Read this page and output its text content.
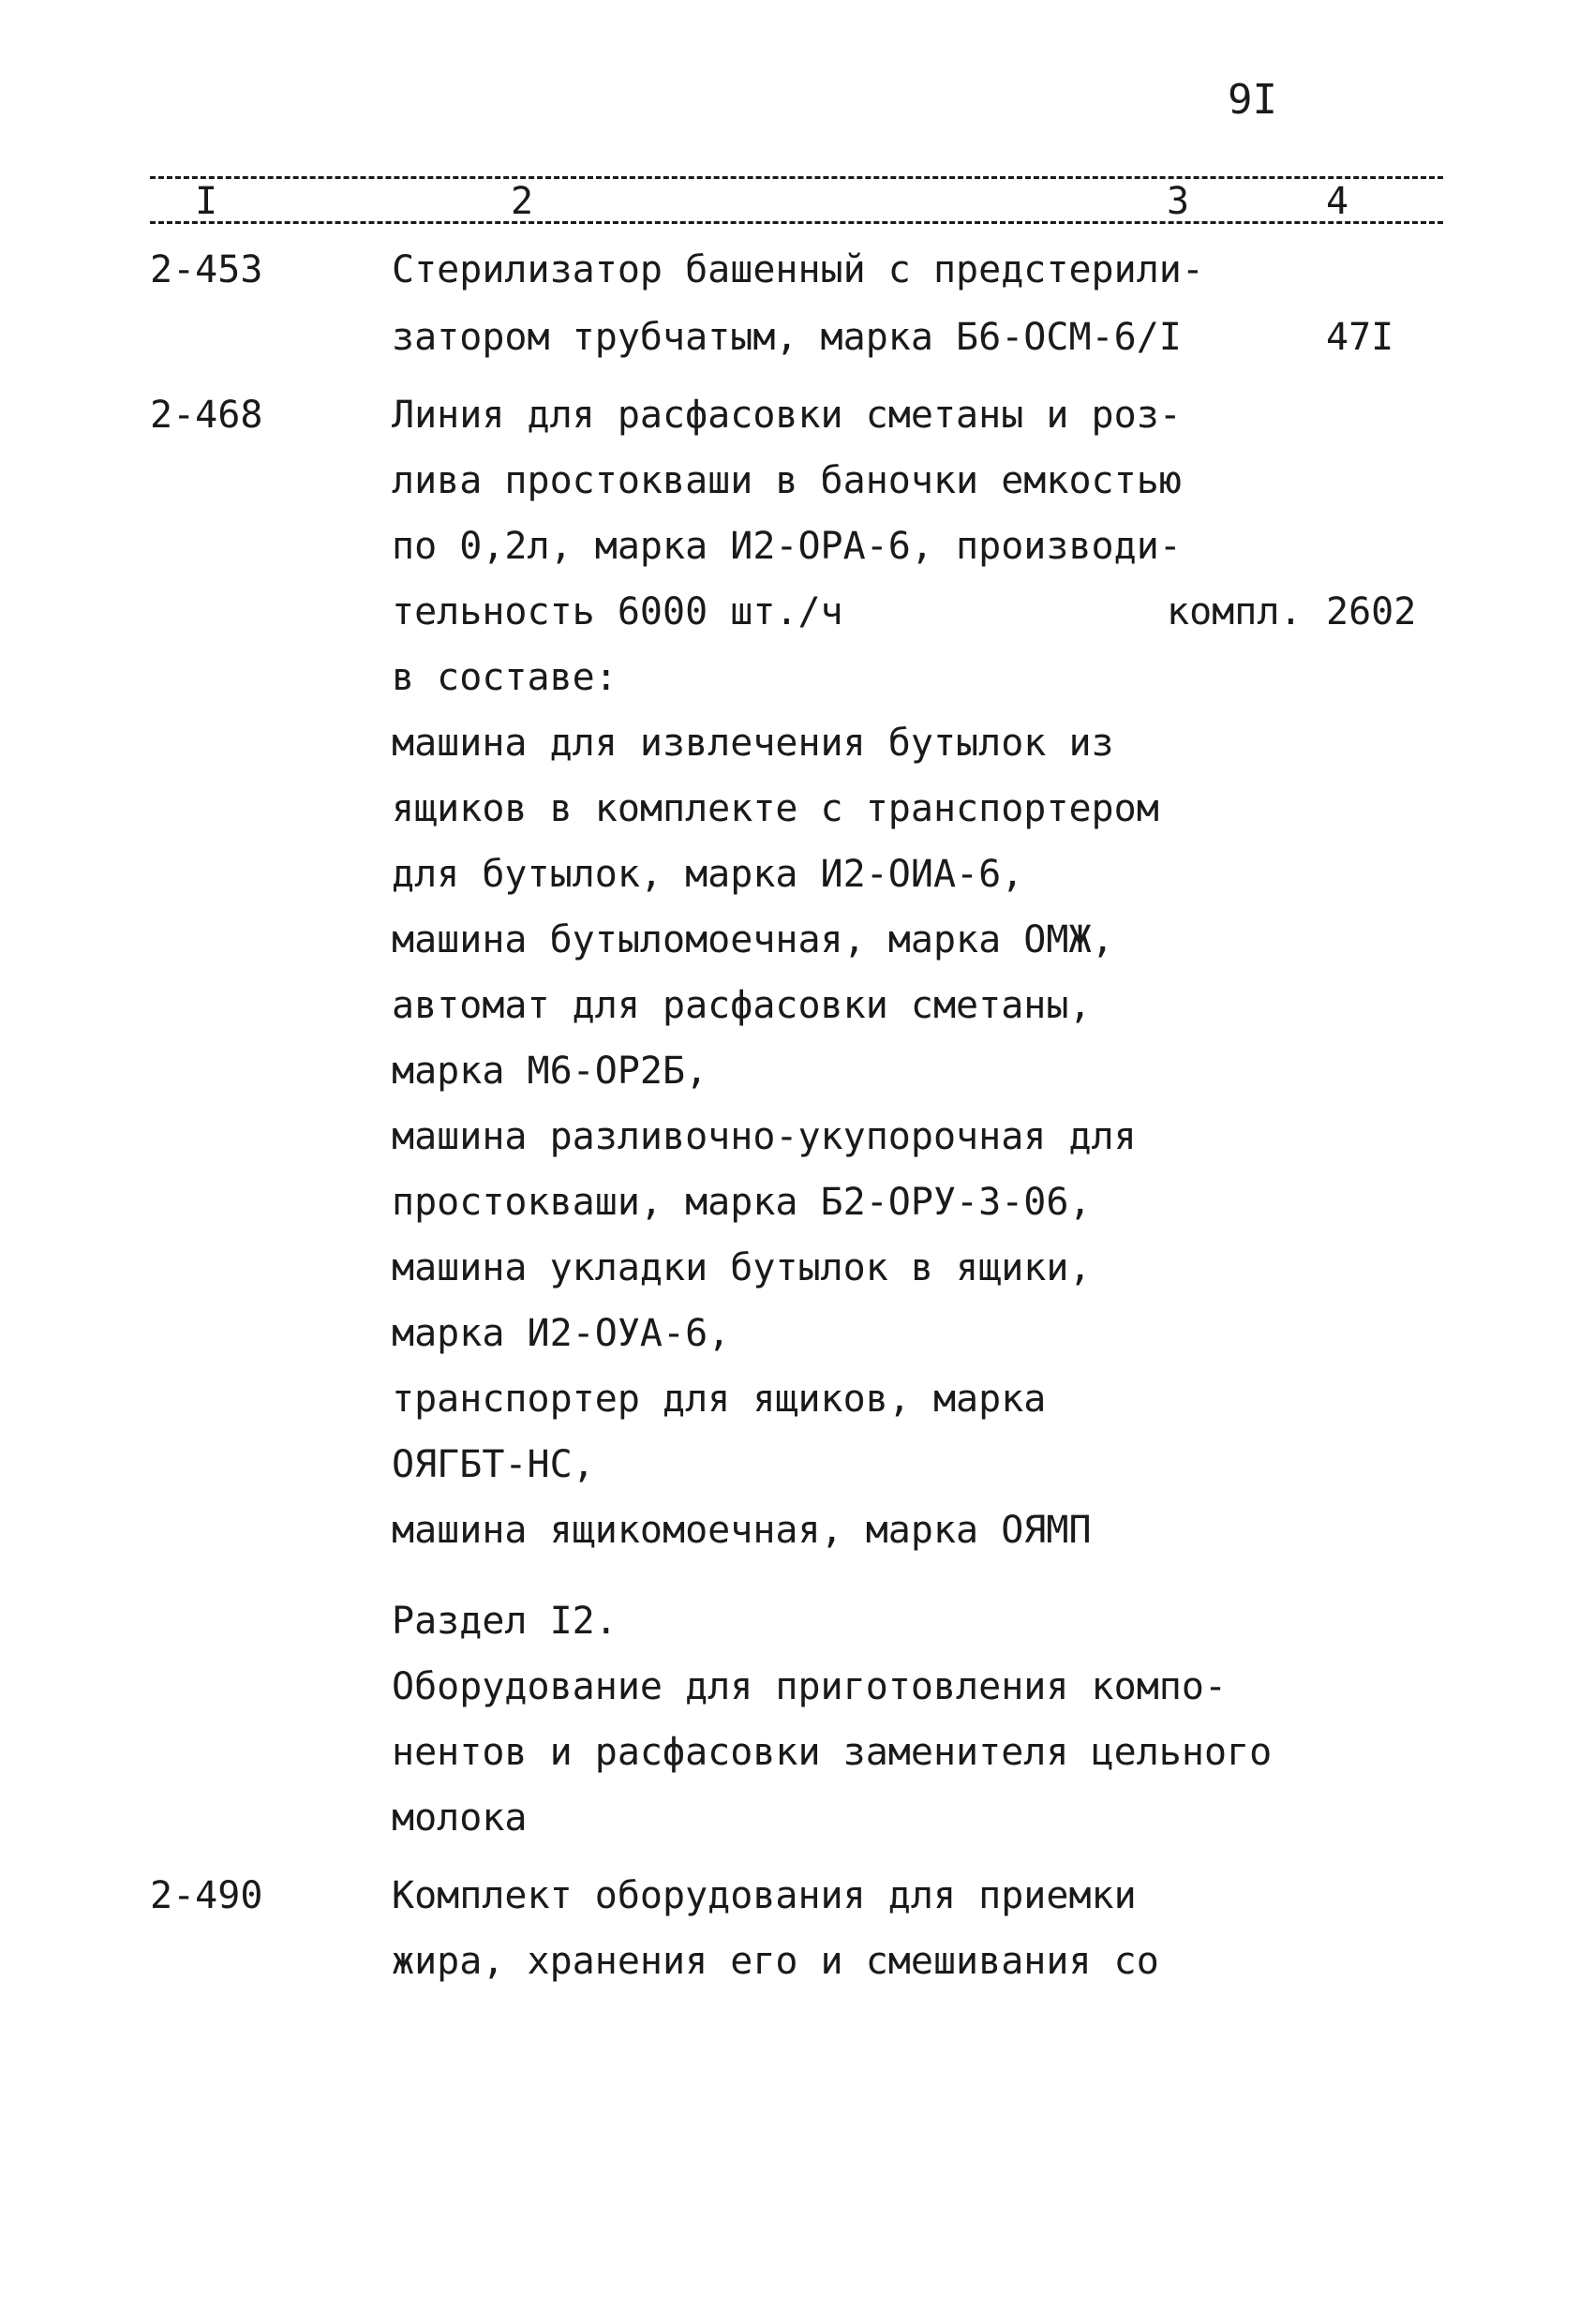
9I
I	2	3	4
2-453	Стерилизатор башенный с предстерили-
затором трубчатым, марка Б6-ОСМ-6/I	47I
2-468	Линия для расфасовки сметаны и роз-
лива простокваши в баночки емкостью
по 0,2л, марка И2-ОРА-6, производи-
тельность 6000 шт./ч	компл. 2602
в составе:
машина для извлечения бутылок из
ящиков в комплекте с транспортером
для бутылок, марка И2-ОИА-6,
машина бутыломоечная, марка ОМЖ,
автомат для расфасовки сметаны,
марка М6-ОР2Б,
машина разливочно-укупорочная для
простокваши, марка Б2-ОРУ-3-06,
машина укладки бутылок в ящики,
марка И2-ОУА-6,
транспортер для ящиков, марка
ОЯГБТ-НС,
машина ящикомоечная, марка ОЯМП
Раздел I2.
Оборудование для приготовления компо-
нентов и расфасовки заменителя цельного
молока
2-490	Комплект оборудования для приемки
жира, хранения его и смешивания со
